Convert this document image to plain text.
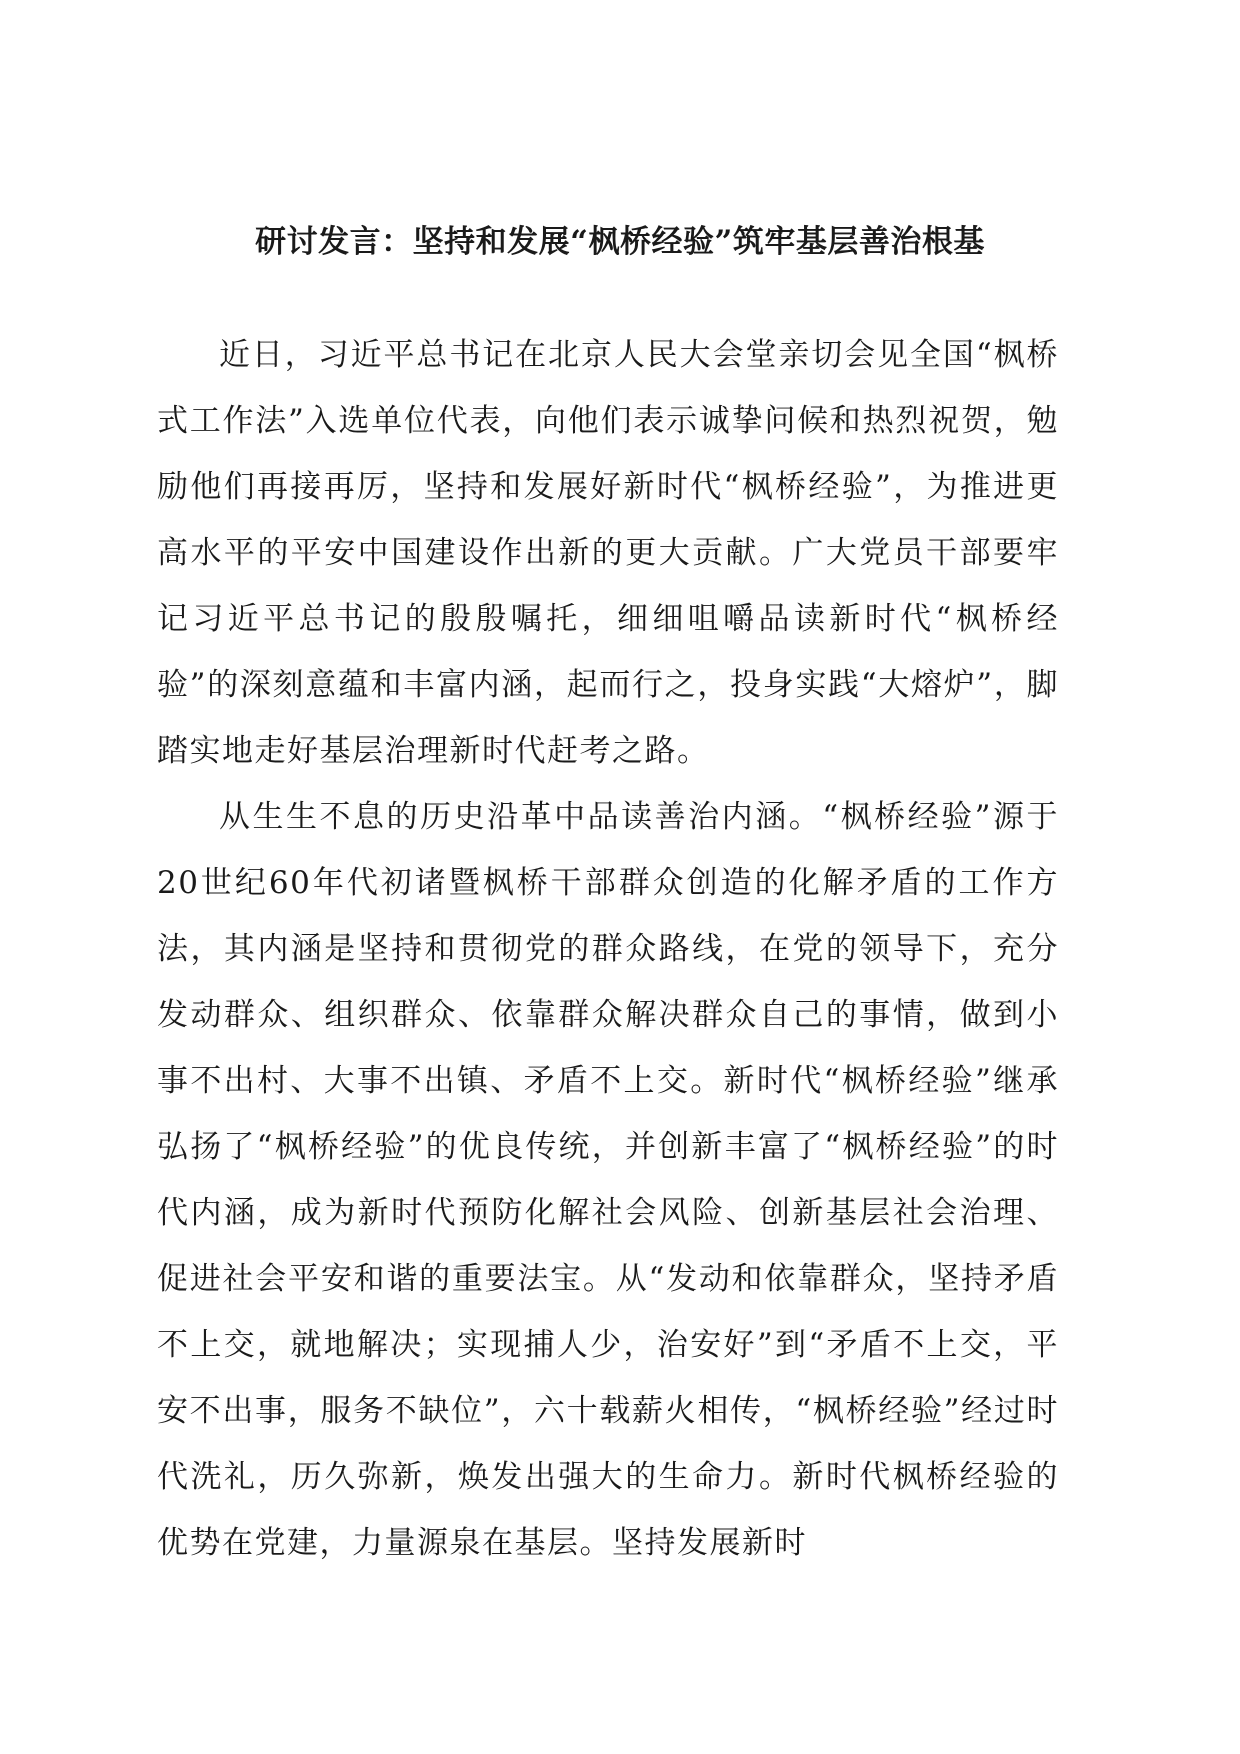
研讨发言：坚持和发展“枫桥经验”筑牢基层善治根基

近日，习近平总书记在北京人民大会堂亲切会见全国“枫桥式工作法”入选单位代表，向他们表示诚挚问候和热烈祝贺，勉励他们再接再厉，坚持和发展好新时代“枫桥经验”，为推进更高水平的平安中国建设作出新的更大贡献。广大党员干部要牢记习近平总书记的殷殷嘱托，细细咀嚼品读新时代“枫桥经验”的深刻意蕴和丰富内涵，起而行之，投身实践“大熔炉”，脚踏实地走好基层治理新时代赶考之路。

从生生不息的历史沿革中品读善治内涵。“枫桥经验”源于20世纪60年代初诸暨枫桥干部群众创造的化解矛盾的工作方法，其内涵是坚持和贯彻党的群众路线，在党的领导下，充分发动群众、组织群众、依靠群众解决群众自己的事情，做到小事不出村、大事不出镇、矛盾不上交。新时代“枫桥经验”继承弘扬了“枫桥经验”的优良传统，并创新丰富了“枫桥经验”的时代内涵，成为新时代预防化解社会风险、创新基层社会治理、促进社会平安和谐的重要法宝。从“发动和依靠群众，坚持矛盾不上交，就地解决；实现捕人少，治安好”到“矛盾不上交，平安不出事，服务不缺位”，六十载薪火相传，“枫桥经验”经过时代洗礼，历久弥新，焕发出强大的生命力。新时代枫桥经验的优势在党建，力量源泉在基层。坚持发展新时
